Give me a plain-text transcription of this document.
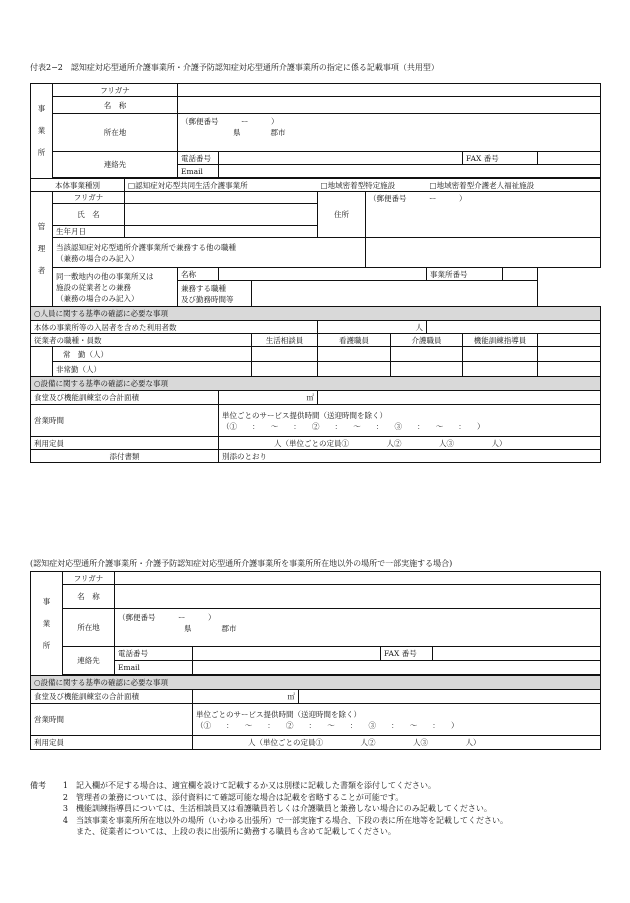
付表2−2　認知症対応型通所介護事業所・介護予防認知症対応型通所介護事業所の指定に係る記載事項（共用型）
事
業
所	フリガナ											
	名　称											
	所在地		（郵便番号　　　ー　　　）
県 郡市									

	連絡先		電話番号							FAX 番号		
			Email									

本体事業種別		□認知症対応型共同生活介護事業所				□地域密着型特定施設			□地域密着型介護老人福祉施設			
管
理
者	フリガナ					住所	（郵便番号　　　ー　　　）					
	氏　名											
	生年月日											

	当該認知症対応型通所介護事業所で兼務する他の職種
（兼務の場合のみ記入）											

	同一敷地内の他の事業所又は
施設の従業者との兼務
（兼務の場合のみ記入）		名称						事業所番号			

			兼務する職種
及び勤務時間等									

○人員に関する基準の確認に必要な事項												
本体の事業所等の入居者を含めた利用者数						人						
従業者の職種・員数					生活相談員	看護職員		介護職員		機能訓練指導員		
	常　勤（人）											
	非常勤（人）											
○設備に関する基準の確認に必要な事項												
食堂及び機能訓練室の合計面積				㎡								
営業時間				単位ごとのサービス提供時間（送迎時間を除く）
（①　　：　　〜　　：　　②　　：　　〜　　：　　③　　：　　〜　　：　　）								

利用定員				人（単位ごとの定員①　　　　　人②　　　　　人③　　　　　人）								
添付書類				別添のとおり								
(認知症対応型通所介護事業所・介護予防認知症対応型通所介護事業所を事業所所在地以外の場所で一部実施する場合)
事
業
所	フリガナ					
	名　称					
	所在地	（郵便番号　　　ー　　　）
県 郡市				

	連絡先	電話番号			FAX 番号	
		Email				

○設備に関する基準の確認に必要な事項						
食堂及び機能訓練室の合計面積			㎡			
営業時間			単位ごとのサービス提供時間（送迎時間を除く）
（①　　：　　〜　　：　　②　　：　　〜　　：　　③　　：　　〜　　：　　）			

利用定員			人（単位ごとの定員①　　　　　人②　　　　　人③　　　　　人）			
備考	1 記入欄が不足する場合は、適宜欄を設けて記載するか又は別様に記載した書類を添付してください。
2 管理者の兼務については、添付資料にて確認可能な場合は記載を省略することが可能です。
3 機能訓練指導員については、生活相談員又は看護職員若しくは介護職員と兼務しない場合にのみ記載してください。
4 当該事業を事業所所在地以外の場所（いわゆる出張所）で一部実施する場合、下段の表に所在地等を記載してください。
また、従業者については、上段の表に出張所に勤務する職員も含めて記載してください。
